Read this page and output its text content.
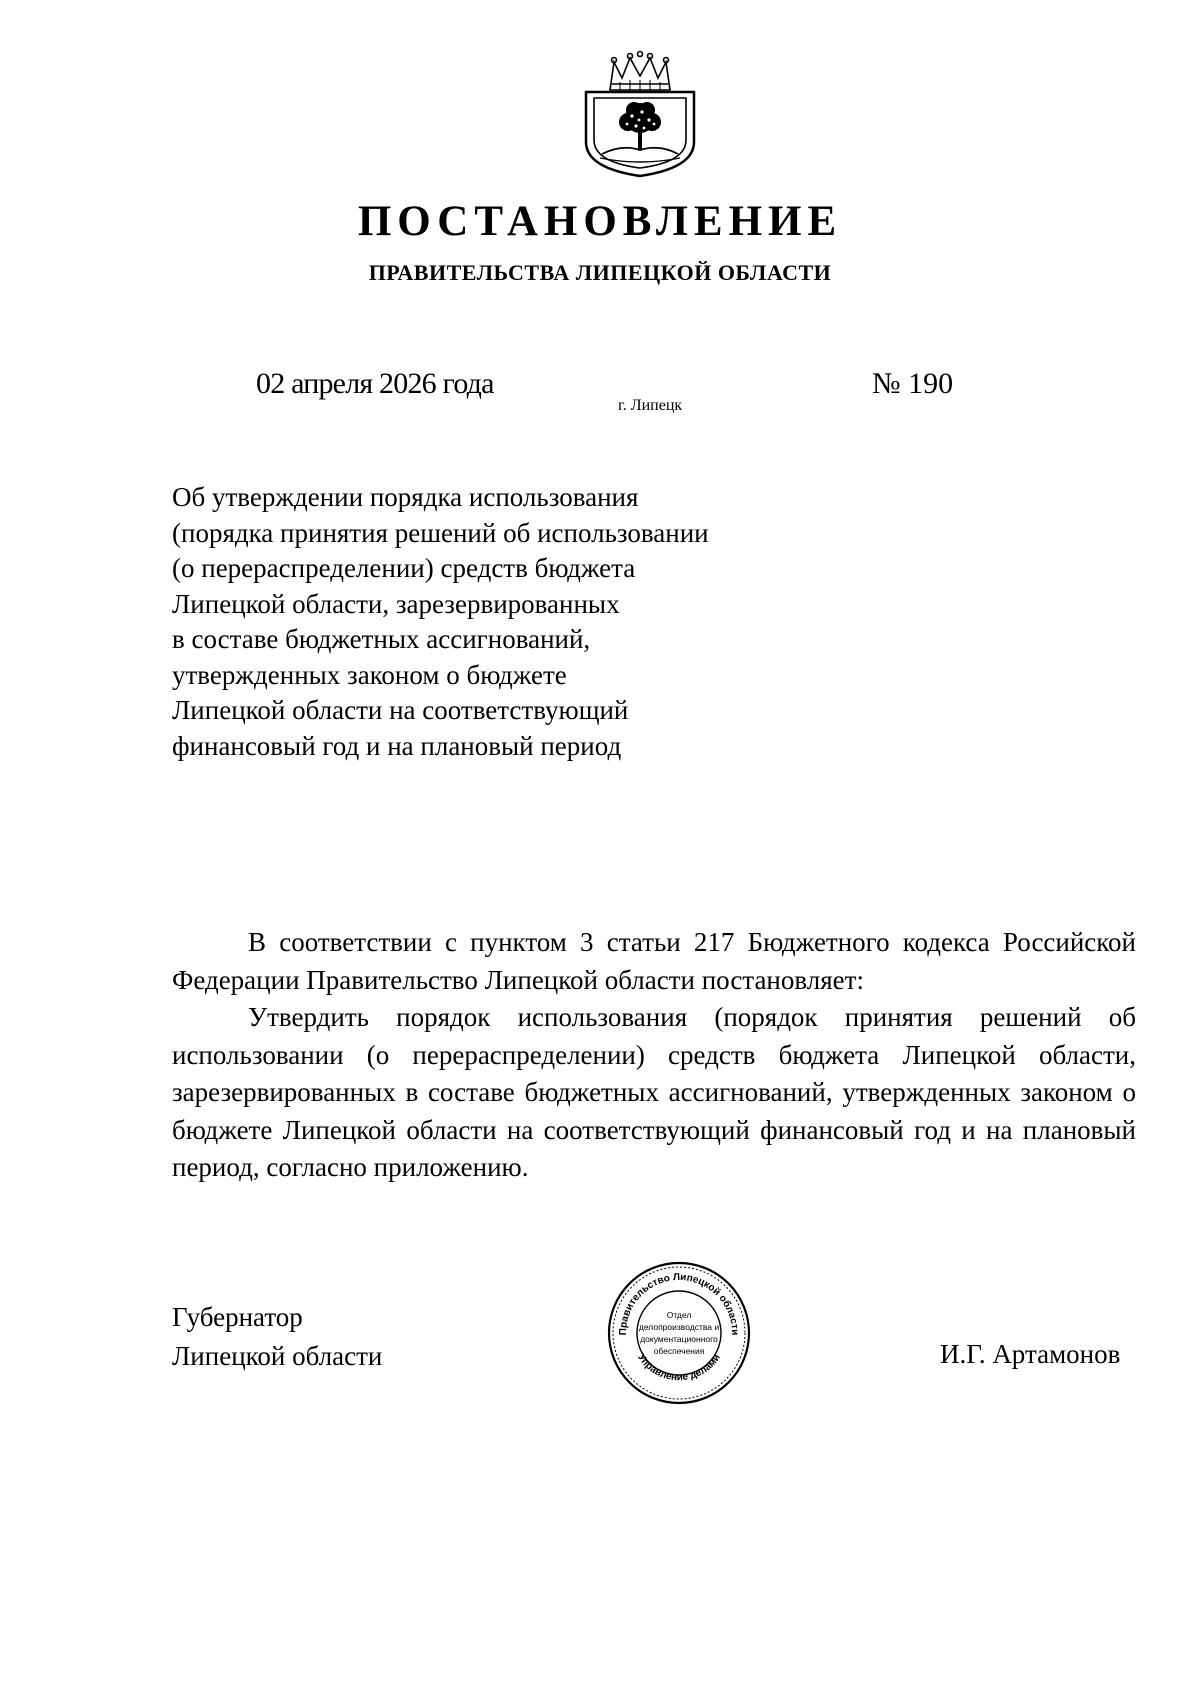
ПОСТАНОВЛЕНИЕ
ПРАВИТЕЛЬСТВА ЛИПЕЦКОЙ ОБЛАСТИ
02 апреля 2026 года
г. Липецк
№ 190
Об утверждении порядка использования
(порядка принятия решений об использовании
(о перераспределении) средств бюджета
Липецкой области, зарезервированных
в составе бюджетных ассигнований,
утвержденных законом о бюджете
Липецкой области на соответствующий
финансовый год и на плановый период

В соответствии с пунктом 3 статьи 217 Бюджетного кодекса Российской Федерации Правительство Липецкой области постановляет:

Утвердить порядок использования (порядок принятия решений об использовании (о перераспределении) средств бюджета Липецкой области, зарезервированных в составе бюджетных ассигнований, утвержденных законом о бюджете Липецкой области на соответствующий финансовый год и на плановый период, согласно приложению.

Губернатор
Липецкой области
Правительство Липецкой области
Управление делами
Отдел
делопроизводства и
документационного
обеспечения	И.Г. Артамонов
